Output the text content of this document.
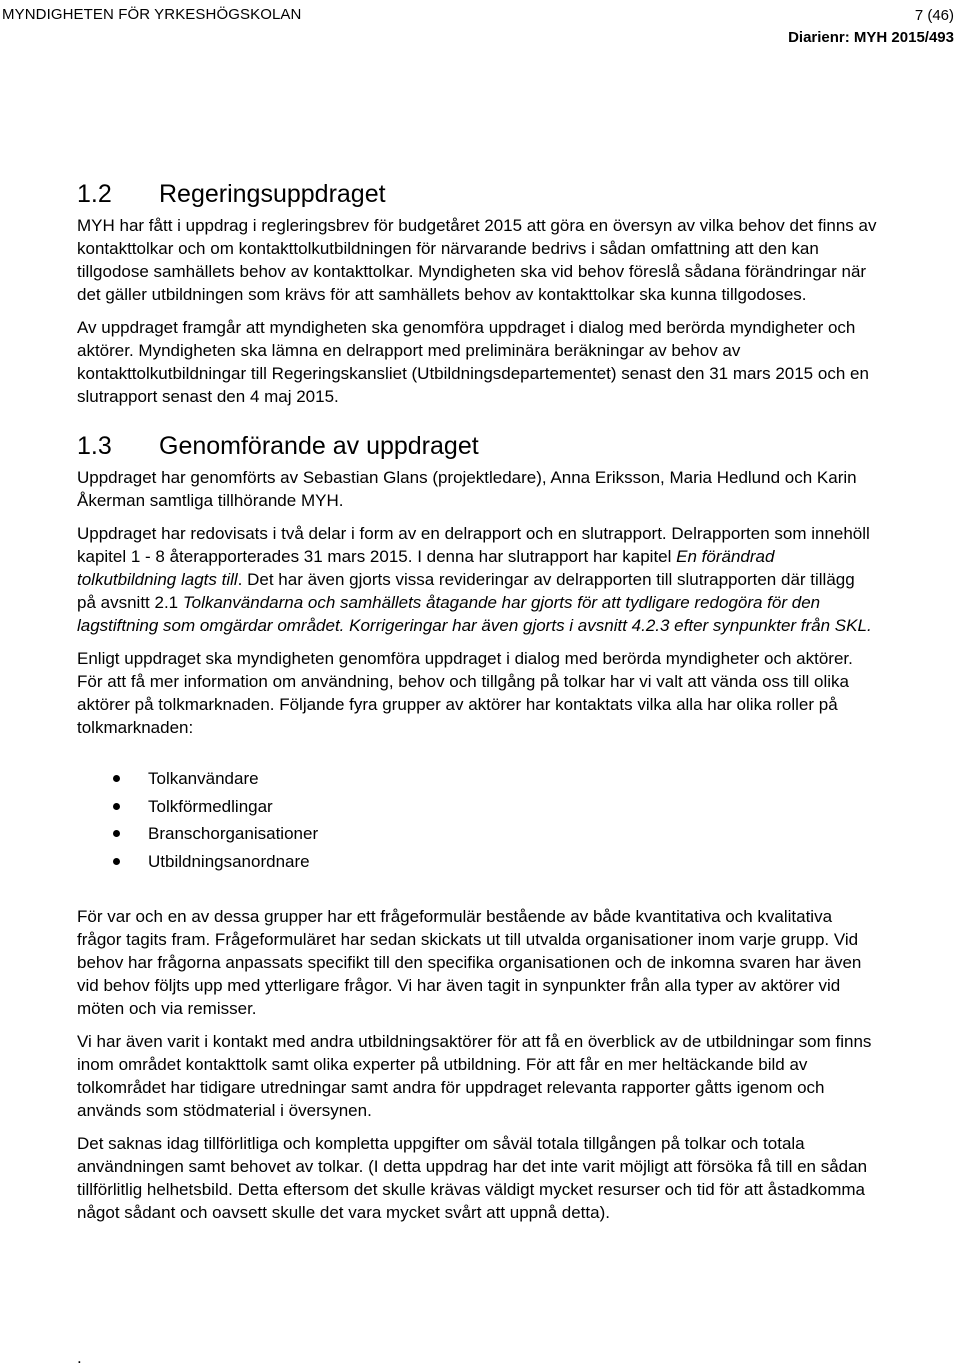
MYNDIGHETEN FÖR YRKESHÖGSKOLAN	7 (46)
Diarienr: MYH 2015/493
1.2 Regeringsuppdraget

MYH har fått i uppdrag i regleringsbrev för budgetåret 2015 att göra en översyn av vilka behov det finns av kontakttolkar och om kontakttolkutbildningen för närvarande bedrivs i sådan omfattning att den kan tillgodose samhällets behov av kontakttolkar. Myndigheten ska vid behov föreslå sådana förändringar när det gäller utbildningen som krävs för att samhällets behov av kontakttolkar ska kunna tillgodoses.

Av uppdraget framgår att myndigheten ska genomföra uppdraget i dialog med berörda myndigheter och aktörer. Myndigheten ska lämna en delrapport med preliminära beräkningar av behov av kontakttolkutbildningar till Regeringskansliet (Utbildningsdepartementet) senast den 31 mars 2015 och en slutrapport senast den 4 maj 2015.

1.3 Genomförande av uppdraget

Uppdraget har genomförts av Sebastian Glans (projektledare), Anna Eriksson, Maria Hedlund och Karin Åkerman samtliga tillhörande MYH.

Uppdraget har redovisats i två delar i form av en delrapport och en slutrapport. Delrapporten som innehöll kapitel 1 - 8 återapporterades 31 mars 2015. I denna har slutrapport har kapitel En förändrad tolkutbildning lagts till. Det har även gjorts vissa revideringar av delrapporten till slutrapporten där tillägg på avsnitt 2.1 Tolkanvändarna och samhällets åtagande har gjorts för att tydligare redogöra för den lagstiftning som omgärdar området. Korrigeringar har även gjorts i avsnitt 4.2.3 efter synpunkter från SKL.

Enligt uppdraget ska myndigheten genomföra uppdraget i dialog med berörda myndigheter och aktörer. För att få mer information om användning, behov och tillgång på tolkar har vi valt att vända oss till olika aktörer på tolkmarknaden. Följande fyra grupper av aktörer har kontaktats vilka alla har olika roller på tolkmarknaden:

Tolkanvändare
Tolkförmedlingar
Branschorganisationer
Utbildningsanordnare

För var och en av dessa grupper har ett frågeformulär bestående av både kvantitativa och kvalitativa frågor tagits fram. Frågeformuläret har sedan skickats ut till utvalda organisationer inom varje grupp. Vid behov har frågorna anpassats specifikt till den specifika organisationen och de inkomna svaren har även vid behov följts upp med ytterligare frågor. Vi har även tagit in synpunkter från alla typer av aktörer vid möten och via remisser.

Vi har även varit i kontakt med andra utbildningsaktörer för att få en överblick av de utbildningar som finns inom området kontakttolk samt olika experter på utbildning. För att får en mer heltäckande bild av tolkområdet har tidigare utredningar samt andra för uppdraget relevanta rapporter gåtts igenom och används som stödmaterial i översynen.

Det saknas idag tillförlitliga och kompletta uppgifter om såväl totala tillgången på tolkar och totala användningen samt behovet av tolkar. (I detta uppdrag har det inte varit möjligt att försöka få till en sådan tillförlitlig helhetsbild. Detta eftersom det skulle krävas väldigt mycket resurser och tid för att åstadkomma något sådant och oavsett skulle det vara mycket svårt att uppnå detta).

.
